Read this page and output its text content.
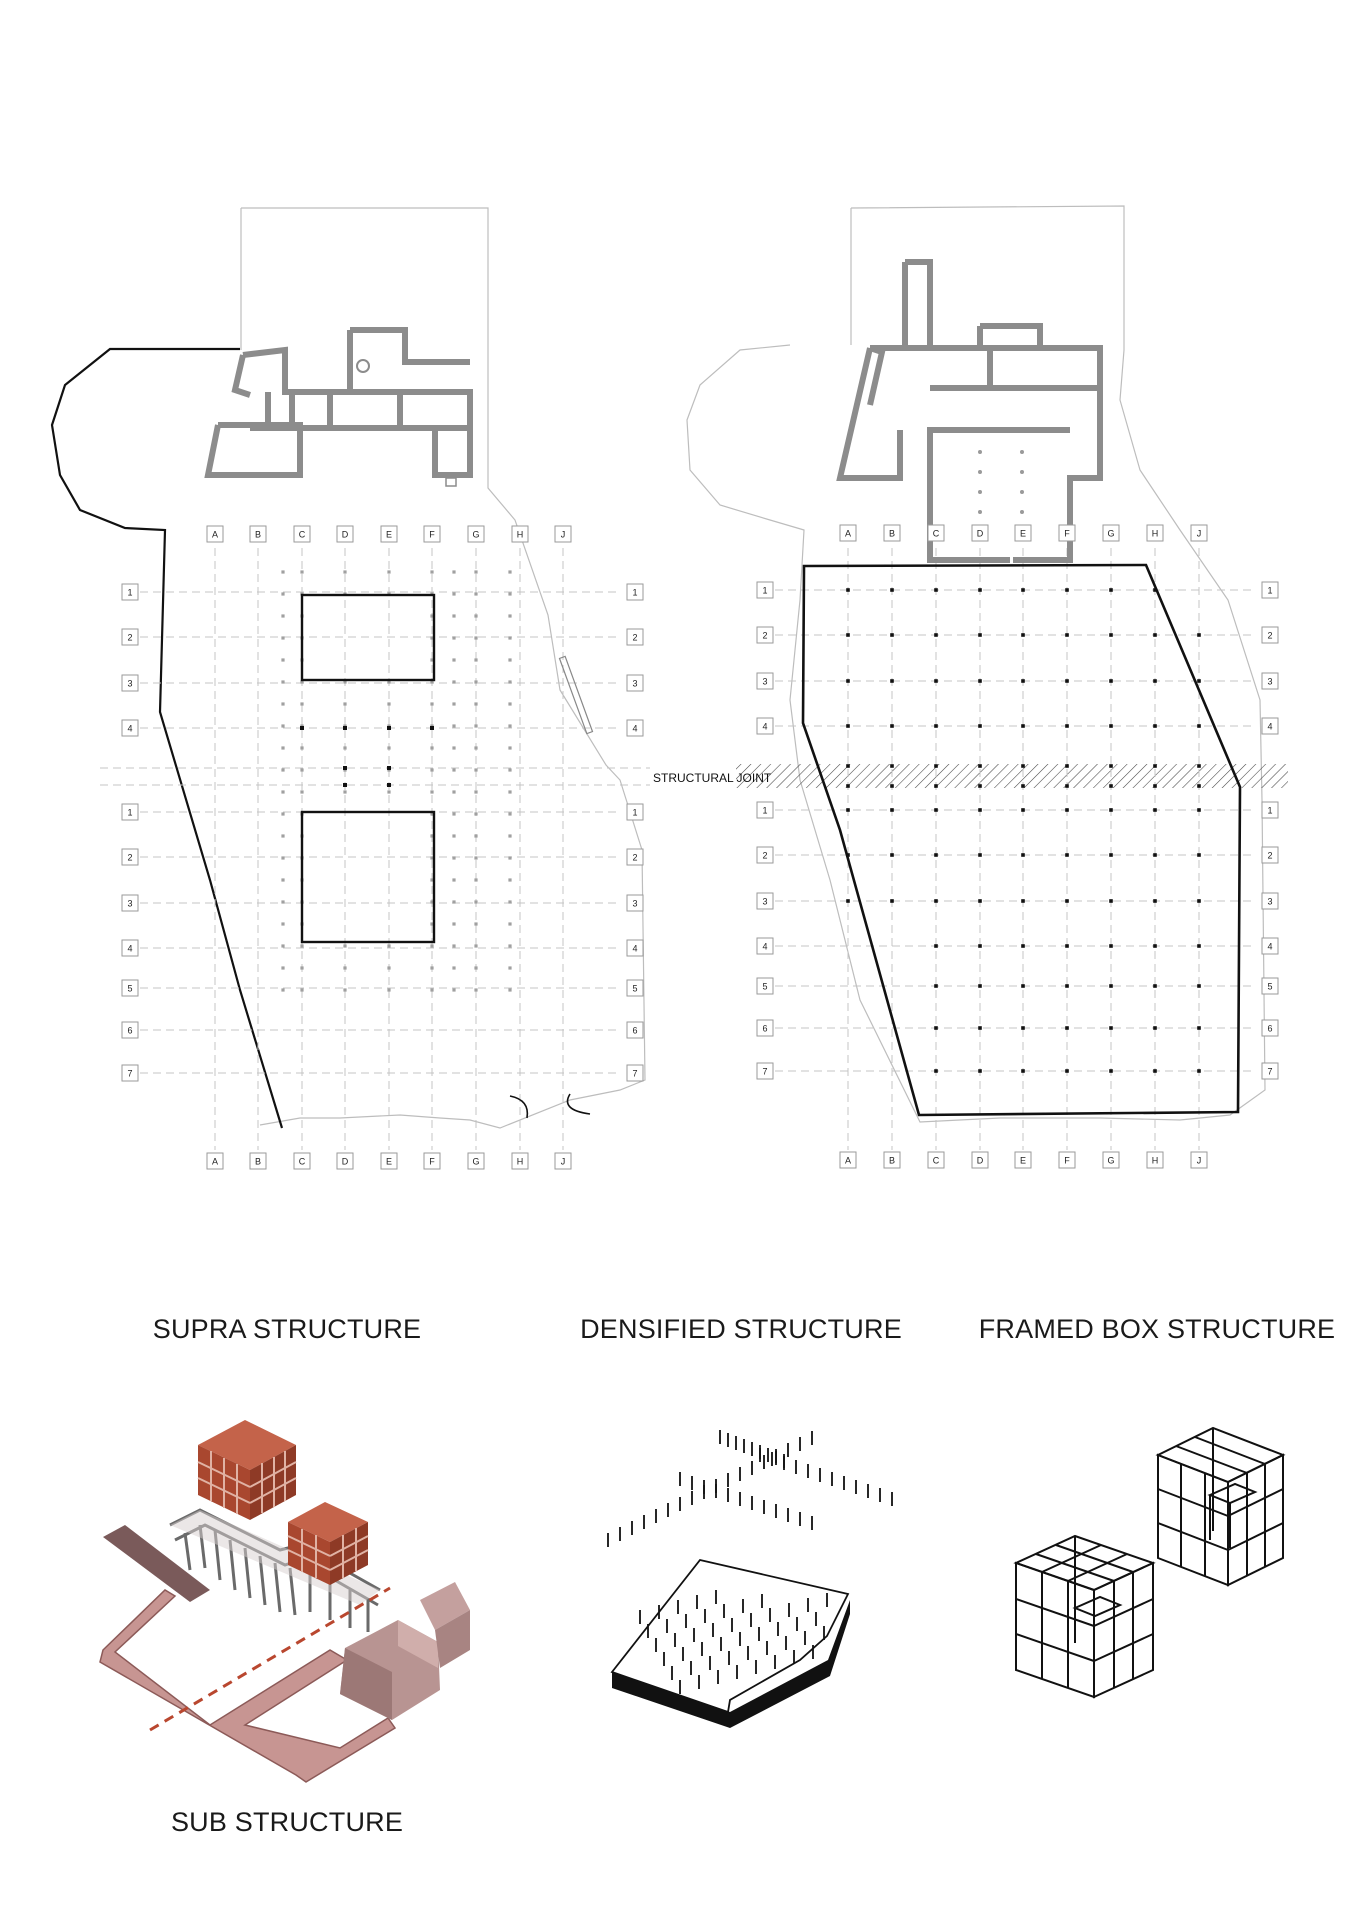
A
A
B
B
C
C
D
D
E
E
F
F
G
G
H
H
J
J
1	1
2	2
3	3
4	4
1	1
2	2
3	3
4	4
5	5
6	6
7	7
STRUCTURAL JOINT
A
A
B
B
C
C
D
D
E
E
F
F
G
G
H
H
J
J
1	1
2	2
3	3
4	4
1	1
2	2
3	3
4	4
5	5
6	6
7	7
SUPRA STRUCTURE	DENSIFIED STRUCTURE	FRAMED BOX STRUCTURE
SUB STRUCTURE
